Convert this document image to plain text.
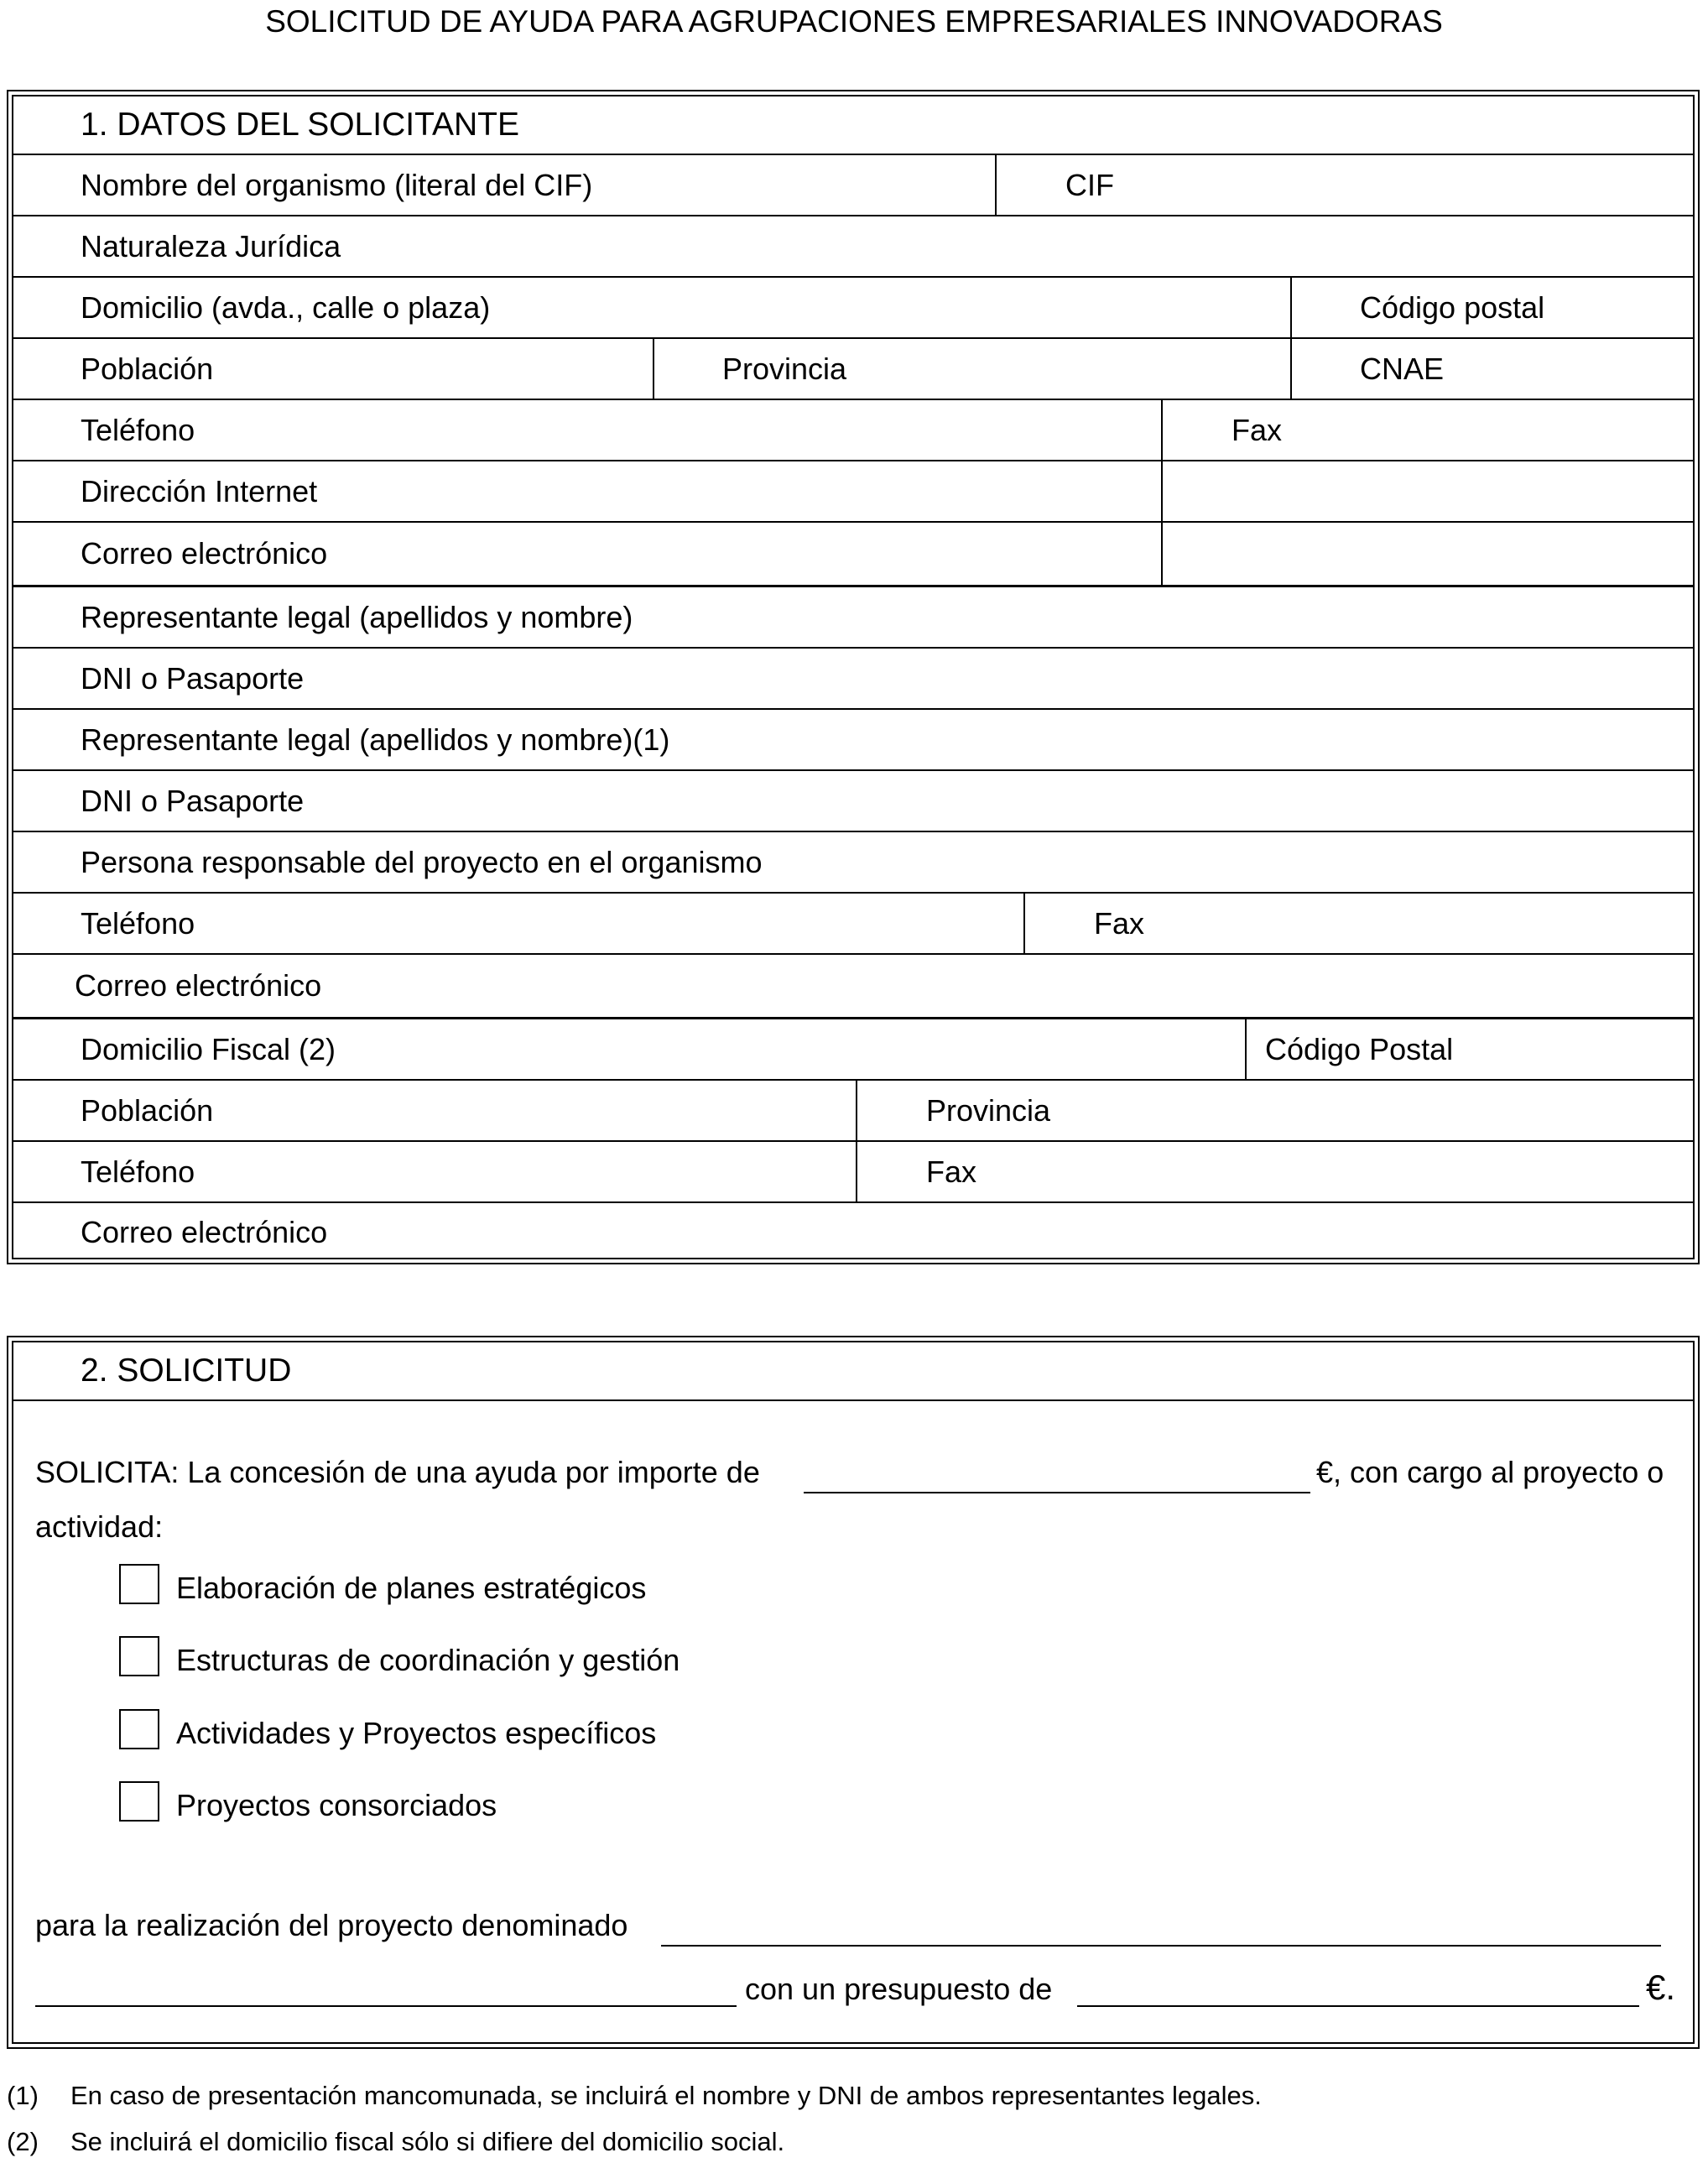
SOLICITUD DE AYUDA PARA AGRUPACIONES EMPRESARIALES INNOVADORAS
1. DATOS DEL SOLICITANTE
Nombre del organismo (literal del CIF)	CIF
Naturaleza Jurídica
Domicilio (avda., calle o plaza)	Código postal
Población	Provincia	CNAE
Teléfono	Fax
Dirección Internet
Correo electrónico
Representante legal (apellidos y nombre)
DNI o Pasaporte
Representante legal (apellidos y nombre)(1)
DNI o Pasaporte
Persona responsable del proyecto en el organismo
Teléfono	Fax
Correo electrónico
Domicilio Fiscal (2)	Código Postal
Población	Provincia
Teléfono	Fax
Correo electrónico
2. SOLICITUD
SOLICITA: La concesión de una ayuda por importe de	€, con cargo al proyecto o
actividad:
Elaboración de planes estratégicos
Estructuras de coordinación y gestión
Actividades y Proyectos específicos
Proyectos consorciados
para la realización del proyecto denominado
con un presupuesto de	€.
(1) En caso de presentación mancomunada, se incluirá el nombre y DNI de ambos representantes legales.
(2) Se incluirá el domicilio fiscal sólo si difiere del domicilio social.
